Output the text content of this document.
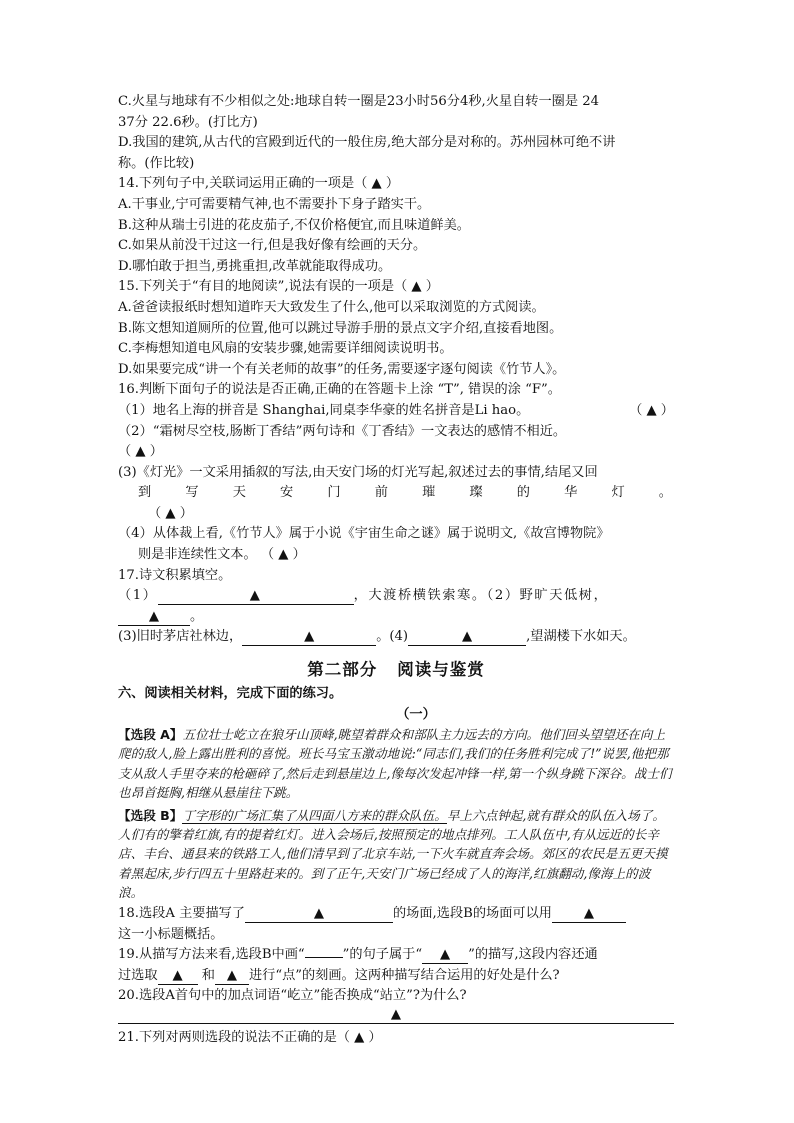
C.火星与地球有不少相似之处:地球自转一圈是23小时56分4秒,火星自转一圈是 24

37分 22.6秒。(打比方)

D.我国的建筑,从古代的宫殿到近代的一般住房,绝大部分是对称的。苏州园林可绝不讲

称。(作比较)

14.下列句子中,关联词运用正确的一项是（ ▲ ）

A.干事业,宁可需要精气神,也不需要扑下身子踏实干。

B.这种从瑞士引进的花皮茄子,不仅价格便宜,而且味道鲜美。

C.如果从前没干过这一行,但是我好像有绘画的天分。

D.哪怕敢于担当,勇挑重担,改革就能取得成功。

15.下列关于“有目的地阅读”,说法有误的一项是（ ▲ ）

A.爸爸读报纸时想知道昨天大致发生了什么,他可以采取浏览的方式阅读。

B.陈文想知道厕所的位置,他可以跳过导游手册的景点文字介绍,直接看地图。

C.李梅想知道电风扇的安装步骤,她需要详细阅读说明书。

D.如果要完成“讲一个有关老师的故事”的任务,需要逐字逐句阅读《竹节人》。

16.判断下面句子的说法是否正确,正确的在答题卡上涂 “T”, 错误的涂 “F”。

（1）地名上海的拼音是 Shanghai,同桌李华豪的姓名拼音是Li hao。	（ ▲ ）

（2）“霜树尽空枝,肠断丁香结”两句诗和《丁香结》一文表达的感情不相近。

（ ▲ ）

(3)《灯光》一文采用插叙的写法,由天安门场的灯光写起,叙述过去的事情,结尾又回

到	写	天	安	门	前	璀	璨	的	华	灯	。

（ ▲ ）

（4）从体裁上看,《竹节人》属于小说《宇宙生命之谜》属于说明文,《故宫博物院》

则是非连续性文本。 （ ▲ ）

17.诗文积累填空。

（1）	▲	，大渡桥横铁索寒。（2）野旷天低树，

▲ 。

(3)旧时茅店社林边，	▲	。(4)	▲	,望湖楼下水如天。

第二部分 阅读与鉴赏

六、阅读相关材料，完成下面的练习。

（一）

【选段 A】五位壮士屹立在狼牙山顶峰,眺望着群众和部队主力远去的方向。他们回头望望还在向上爬的敌人,脸上露出胜利的喜悦。班长马宝玉激动地说:“同志们,我们的任务胜利完成了!”说罢,他把那支从敌人手里夺来的枪砸碎了,然后走到悬崖边上,像每次发起冲锋一样,第一个纵身跳下深谷。战士们也昂首挺胸,相继从悬崖往下跳。

【选段 B】丁字形的广场汇集了从四面八方来的群众队伍。早上六点钟起,就有群众的队伍入场了。人们有的擎着红旗,有的提着红灯。进入会场后,按照预定的地点排列。工人队伍中,有从远近的长辛店、丰台、通县来的铁路工人,他们清早到了北京车站,一下火车就直奔会场。郊区的农民是五更天摸着黑起床,步行四五十里路赶来的。到了正午,天安门广场已经成了人的海洋,红旗翻动,像海上的波浪。

18.选段A 主要描写了	▲	的场面,选段B的场面可以用 ▲

这一小标题概括。

19.从描写方法来看,选段B中画“	”的句子属于“ ▲ ”的描写,这段内容还通

过选取 ▲ 和 ▲ 进行“点”的刻画。这两种描写结合运用的好处是什么?

20.选段A首句中的加点词语“屹立”能否换成“站立”?为什么?

▲

21.下列对两则选段的说法不正确的是（ ▲ ）
